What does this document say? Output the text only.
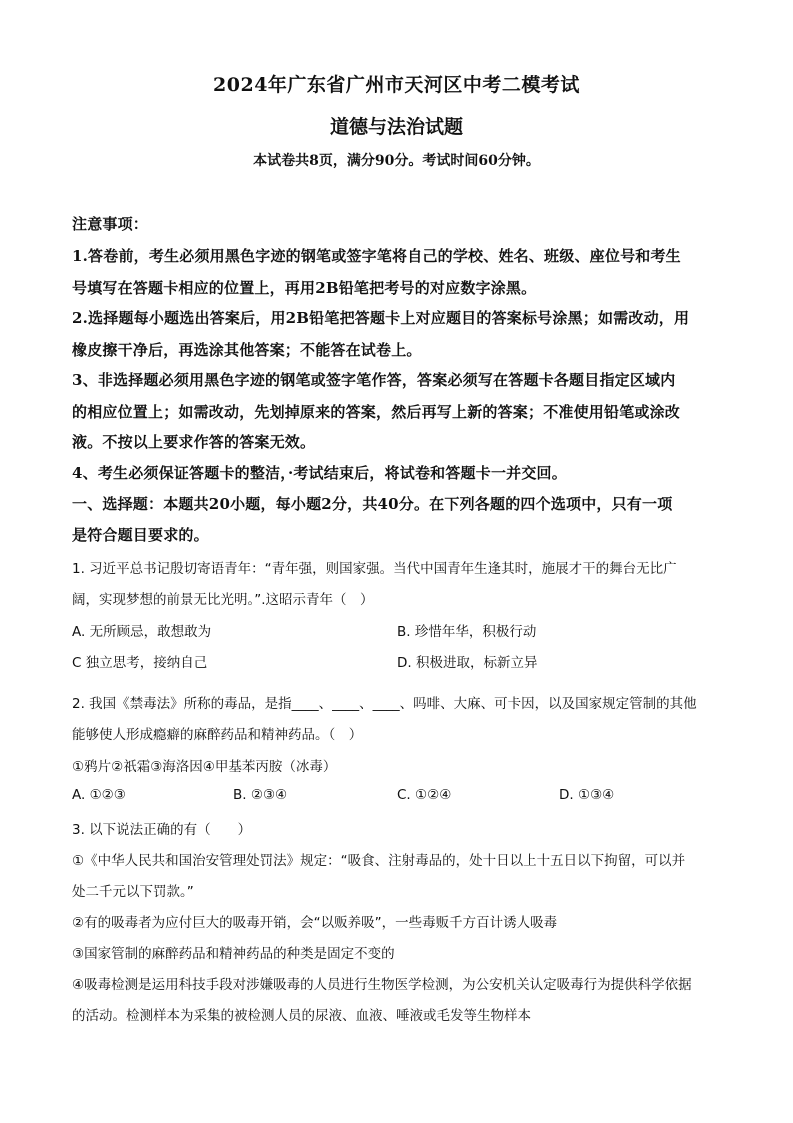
2024年广东省广州市天河区中考二模考试
道德与法治试题
本试卷共8页，满分90分。考试时间60分钟。
注意事项：
1.答卷前，考生必须用黑色字迹的钢笔或签字笔将自己的学校、姓名、班级、座位号和考生
号填写在答题卡相应的位置上，再用2B铅笔把考号的对应数字涂黑。
2.选择题每小题选出答案后，用2B铅笔把答题卡上对应题目的答案标号涂黑；如需改动，用
橡皮擦干净后，再选涂其他答案；不能答在试卷上。
3、非选择题必须用黑色字迹的钢笔或签字笔作答，答案必须写在答题卡各题目指定区域内
的相应位置上；如需改动，先划掉原来的答案，然后再写上新的答案；不准使用铅笔或涂改
液。不按以上要求作答的答案无效。
4、考生必须保证答题卡的整洁，·考试结束后，将试卷和答题卡一并交回。
一、选择题：本题共20小题，每小题2分，共40分。在下列各题的四个选项中，只有一项
是符合题目要求的。
1. 习近平总书记殷切寄语青年：“青年强，则国家强。当代中国青年生逢其时，施展才干的舞台无比广
阔，实现梦想的前景无比光明。”.这昭示青年（　）
A. 无所顾忌，敢想敢为	B. 珍惜年华，积极行动
C 独立思考，接纳自己	D. 积极进取，标新立异
2. 我国《禁毒法》所称的毒品，是指____、____、____、吗啡、大麻、可卡因，以及国家规定管制的其他
能够使人形成瘾癖的麻醉药品和精神药品。（　）
①鸦片②祇霜③海洛因④甲基苯丙胺（冰毒）
A. ①②③	B. ②③④	C. ①②④	D. ①③④
3. 以下说法正确的有（　　）
①《中华人民共和国治安管理处罚法》规定：“吸食、注射毒品的，处十日以上十五日以下拘留，可以并
处二千元以下罚款。”
②有的吸毒者为应付巨大的吸毒开销，会“以贩养吸”，一些毒贩千方百计诱人吸毒
③国家管制的麻醉药品和精神药品的种类是固定不变的
④吸毒检测是运用科技手段对涉嫌吸毒的人员进行生物医学检测，为公安机关认定吸毒行为提供科学依据
的活动。检测样本为采集的被检测人员的尿液、血液、唾液或毛发等生物样本
